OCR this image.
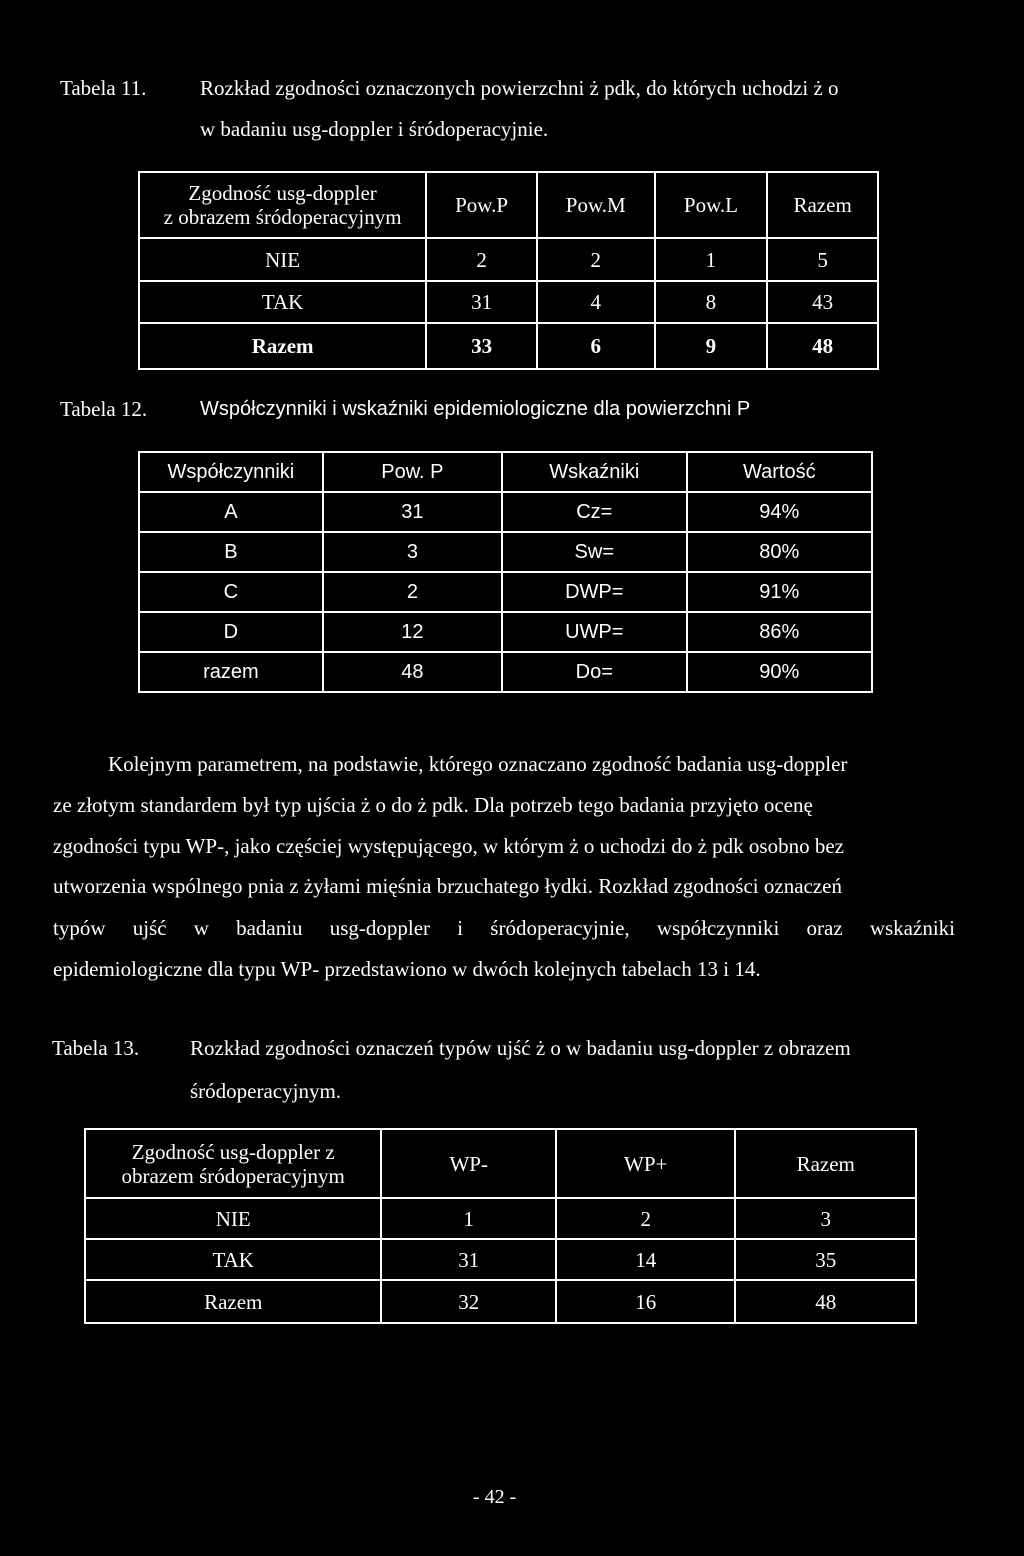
Tabela 11.	Rozkład zgodności oznaczonych powierzchni ż pdk, do których uchodzi ż o
w badaniu usg-doppler i śródoperacyjnie.
Zgodność usg-doppler
z obrazem śródoperacyjnym	Pow.P	Pow.M	Pow.L	Razem
NIE	2	2	1	5
TAK	31	4	8	43
Razem	33	6	9	48
Tabela 12.	Współczynniki i wskaźniki epidemiologiczne dla powierzchni P
Współczynniki	Pow. P	Wskaźniki	Wartość
A	31	Cz=	94%
B	3	Sw=	80%
C	2	DWP=	91%
D	12	UWP=	86%
razem	48	Do=	90%
Kolejnym parametrem, na podstawie, którego oznaczano zgodność badania usg-doppler
ze złotym standardem był typ ujścia ż o do ż pdk. Dla potrzeb tego badania przyjęto ocenę
zgodności typu WP-, jako częściej występującego, w którym ż o uchodzi do ż pdk osobno bez
utworzenia wspólnego pnia z żyłami mięśnia brzuchatego łydki. Rozkład zgodności oznaczeń
typów ujść w badaniu usg-doppler i śródoperacyjnie, współczynniki oraz wskaźniki
epidemiologiczne dla typu WP- przedstawiono w dwóch kolejnych tabelach 13 i 14.
Tabela 13. Rozkład zgodności oznaczeń typów ujść ż o w badaniu usg-doppler z obrazem
śródoperacyjnym.
Zgodność usg-doppler z
obrazem śródoperacyjnym	WP-	WP+	Razem
NIE	1	2	3
TAK	31	14	35
Razem	32	16	48
- 42 -
